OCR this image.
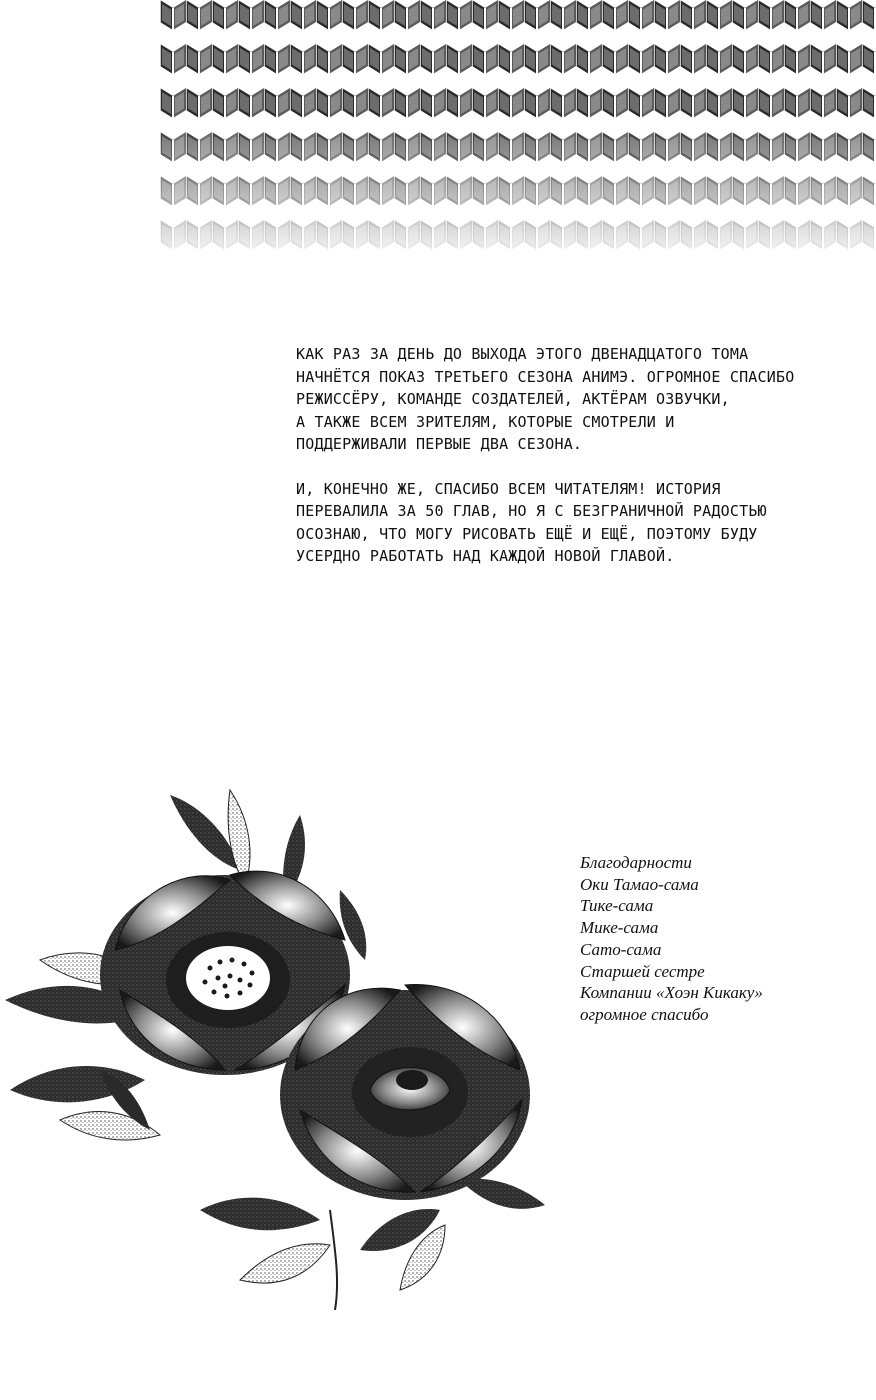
КАК РАЗ ЗА ДЕНЬ ДО ВЫХОДА ЭТОГО ДВЕНАДЦАТОГО ТОМА
НАЧНЁТСЯ ПОКАЗ ТРЕТЬЕГО СЕЗОНА АНИМЭ. ОГРОМНОЕ СПАСИБО
РЕЖИССЁРУ, КОМАНДЕ СОЗДАТЕЛЕЙ, АКТЁРАМ ОЗВУЧКИ,
А ТАКЖЕ ВСЕМ ЗРИТЕЛЯМ, КОТОРЫЕ СМОТРЕЛИ И
ПОДДЕРЖИВАЛИ ПЕРВЫЕ ДВА СЕЗОНА.

И, КОНЕЧНО ЖЕ, СПАСИБО ВСЕМ ЧИТАТЕЛЯМ! ИСТОРИЯ
ПЕРЕВАЛИЛА ЗА 50 ГЛАВ, НО Я С БЕЗГРАНИЧНОЙ РАДОСТЬЮ
ОСОЗНАЮ, ЧТО МОГУ РИСОВАТЬ ЕЩЁ И ЕЩЁ, ПОЭТОМУ БУДУ
УСЕРДНО РАБОТАТЬ НАД КАЖДОЙ НОВОЙ ГЛАВОЙ.

Благодарности
Оки Тамао-сама
Тике-сама
Мике-сама
Сато-сама
Старшей сестре
Компании «Хоэн Кикаку»
огромное спасибо
